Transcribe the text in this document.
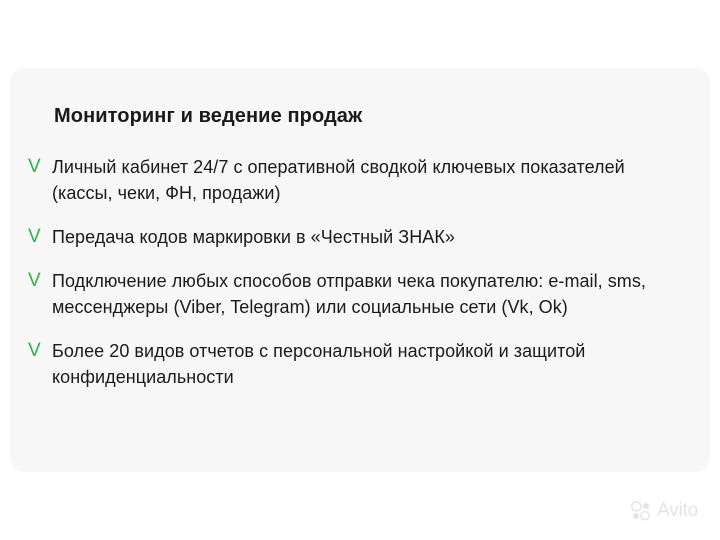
Мониторинг и ведение продаж
V Личный кабинет 24/7 с оперативной сводкой ключевых показателей (кассы, чеки, ФН, продажи)
V Передача кодов маркировки в «Честный ЗНАК»
V Подключение любых способов отправки чека покупателю: e-mail, sms, мессенджеры (Viber, Telegram) или социальные сети (Vk, Ok)
V Более 20 видов отчетов с персональной настройкой и защитой конфиденциальности
Avito
